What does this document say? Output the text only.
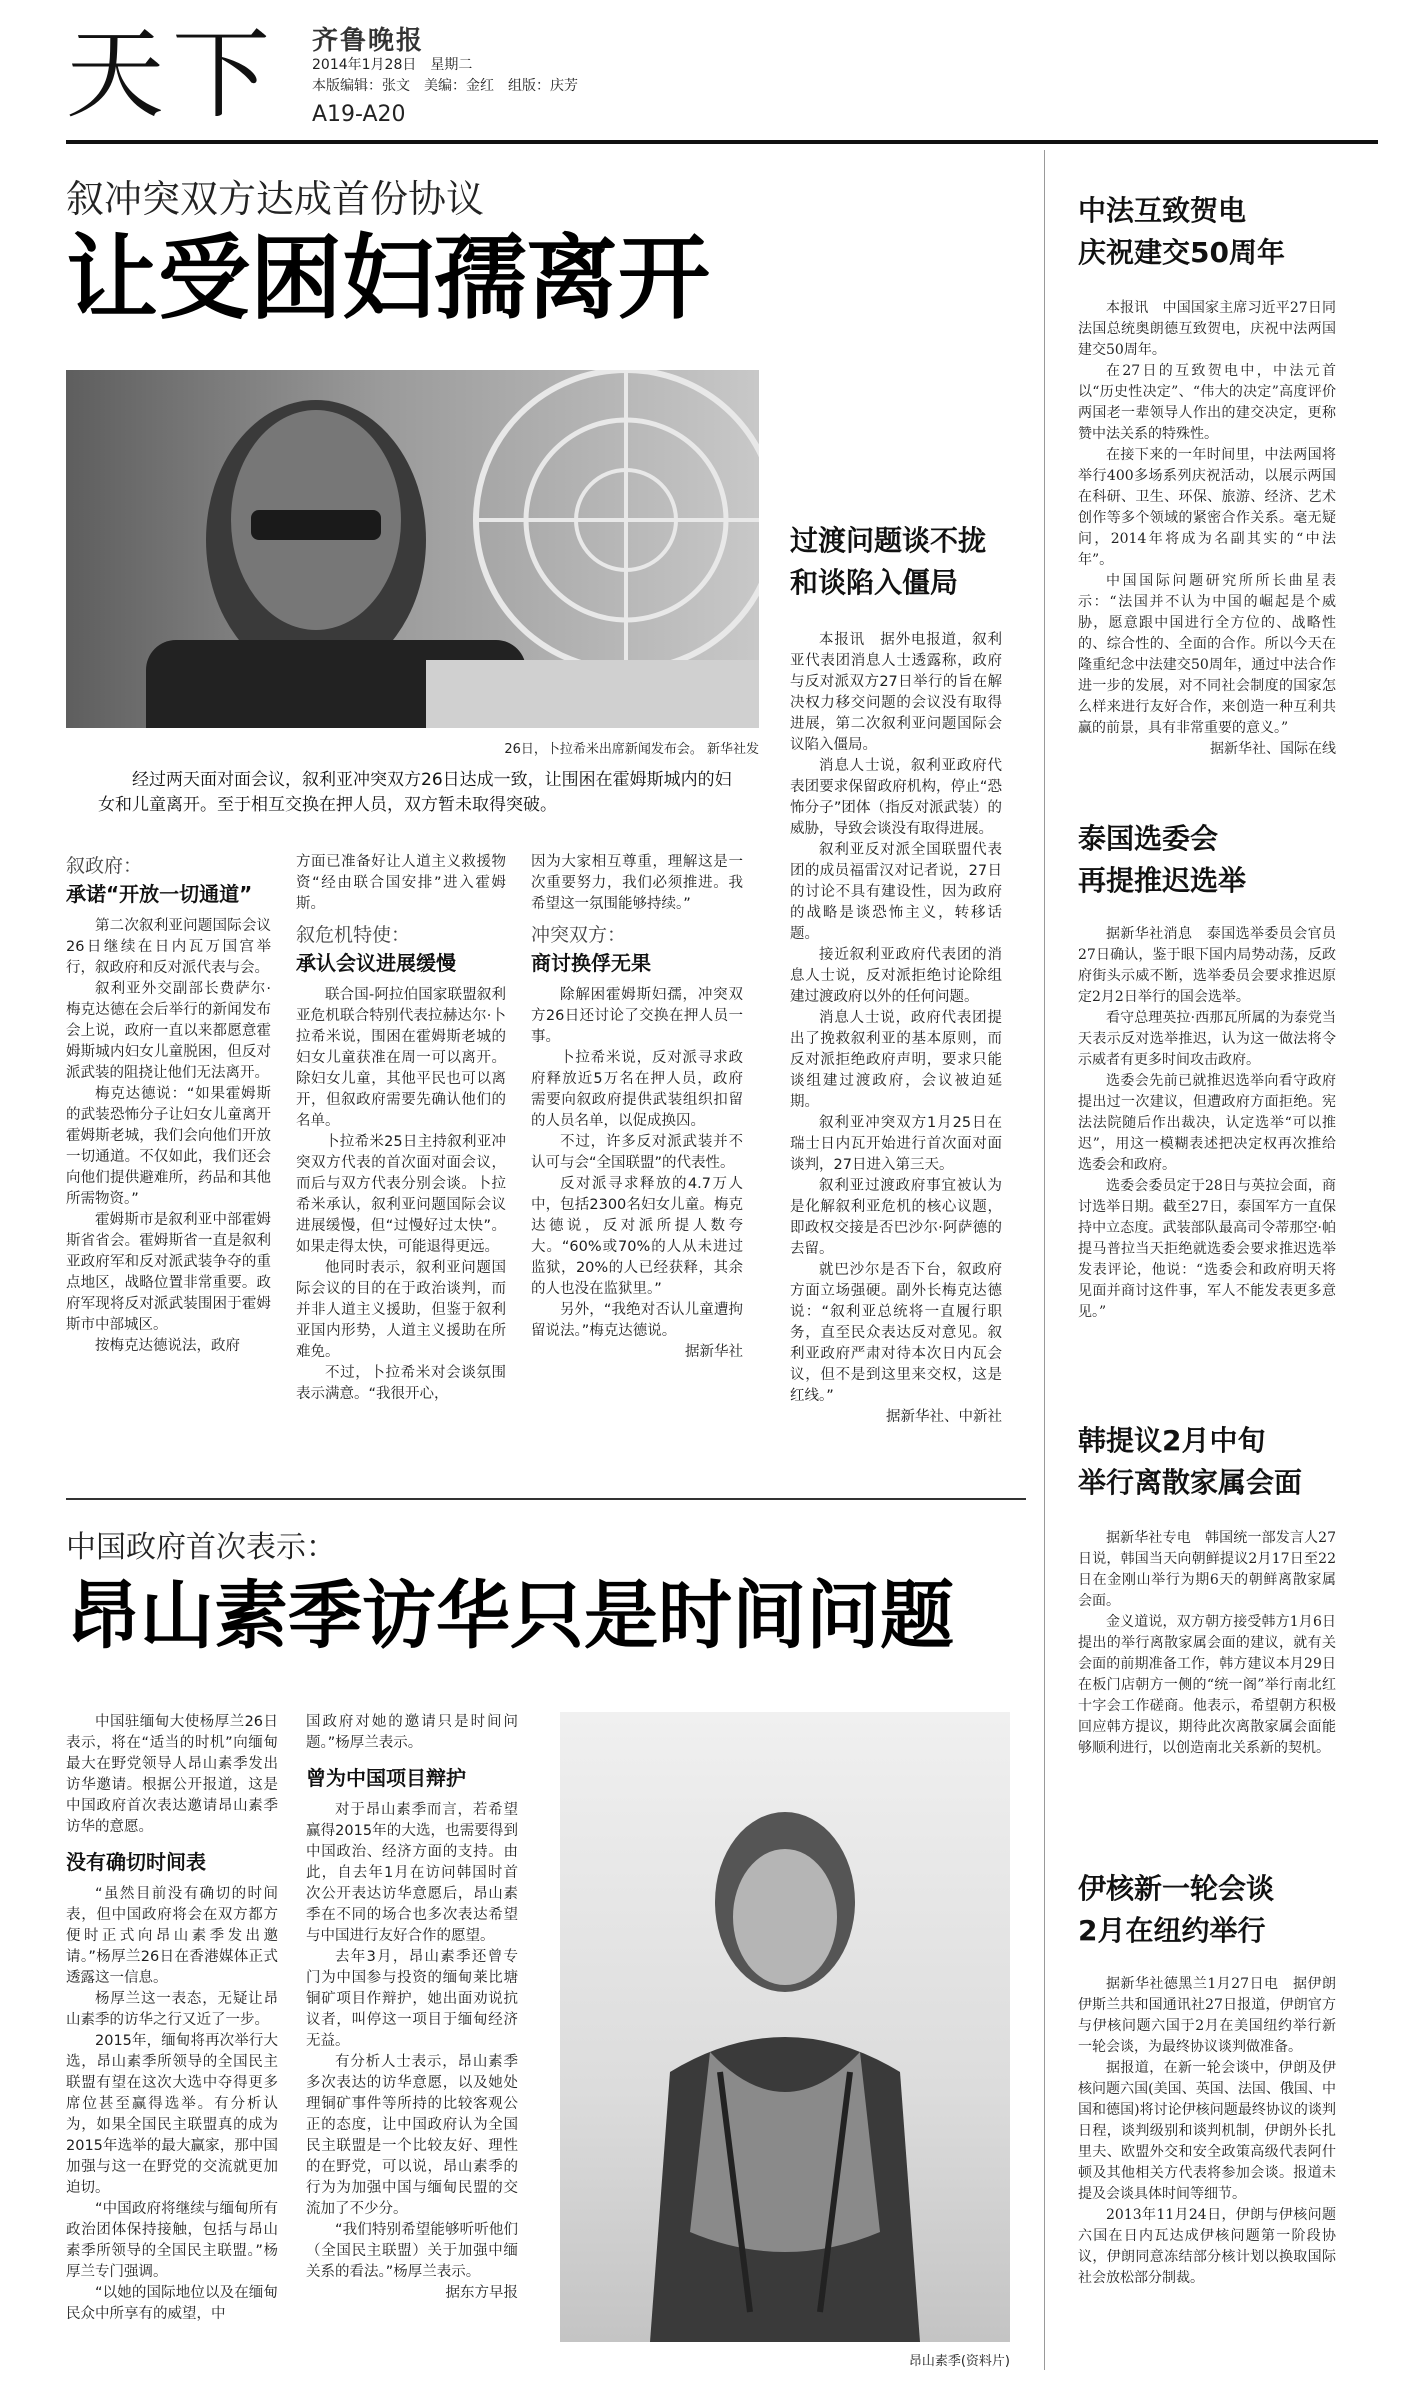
天下 齐鲁晚报
2014年1月28日　 星期二
本版编辑：张文　美编：金红　组版：庆芳
A19-A20
叙冲突双方达成首份协议
让受困妇孺离开
26日，卜拉希米出席新闻发布会。 新华社发
经过两天面对面会议，叙利亚冲突双方26日达成一致，让围困在霍姆斯城内的妇女和儿童离开。至于相互交换在押人员，双方暂未取得突破。
叙政府：
承诺“开放一切通道”

第二次叙利亚问题国际会议26日继续在日内瓦万国宫举行，叙政府和反对派代表与会。

叙利亚外交副部长费萨尔·梅克达德在会后举行的新闻发布会上说，政府一直以来都愿意霍姆斯城内妇女儿童脱困，但反对派武装的阻挠让他们无法离开。

梅克达德说：“如果霍姆斯的武装恐怖分子让妇女儿童离开霍姆斯老城，我们会向他们开放一切通道。不仅如此，我们还会向他们提供避难所，药品和其他所需物资。”

霍姆斯市是叙利亚中部霍姆斯省省会。霍姆斯省一直是叙利亚政府军和反对派武装争夺的重点地区，战略位置非常重要。政府军现将反对派武装围困于霍姆斯市中部城区。

按梅克达德说法，政府

方面已准备好让人道主义救援物资“经由联合国安排”进入霍姆斯。

叙危机特使：
承认会议进展缓慢

联合国-阿拉伯国家联盟叙利亚危机联合特别代表拉赫达尔·卜拉希米说，围困在霍姆斯老城的妇女儿童获准在周一可以离开。除妇女儿童，其他平民也可以离开，但叙政府需要先确认他们的名单。

卜拉希米25日主持叙利亚冲突双方代表的首次面对面会议，而后与双方代表分别会谈。卜拉希米承认，叙利亚问题国际会议进展缓慢，但“过慢好过太快”。如果走得太快，可能退得更远。

他同时表示，叙利亚问题国际会议的目的在于政治谈判，而并非人道主义援助，但鉴于叙利亚国内形势，人道主义援助在所难免。

不过，卜拉希米对会谈氛围表示满意。“我很开心，

因为大家相互尊重，理解这是一次重要努力，我们必须推进。我希望这一氛围能够持续。”

冲突双方：
商讨换俘无果

除解困霍姆斯妇孺，冲突双方26日还讨论了交换在押人员一事。

卜拉希米说，反对派寻求政府释放近5万名在押人员，政府需要向叙政府提供武装组织扣留的人员名单，以促成换囚。

不过，许多反对派武装并不认可与会“全国联盟”的代表性。

反对派寻求释放的4.7万人中，包括2300名妇女儿童。梅克达德说，反对派所提人数夸大。“60%或70%的人从未进过监狱，20%的人已经获释，其余的人也没在监狱里。”

另外，“我绝对否认儿童遭拘留说法。”梅克达德说。

据新华社

过渡问题谈不拢
和谈陷入僵局

本报讯　据外电报道，叙利亚代表团消息人士透露称，政府与反对派双方27日举行的旨在解决权力移交问题的会议没有取得进展，第二次叙利亚问题国际会议陷入僵局。

消息人士说，叙利亚政府代表团要求保留政府机构，停止“恐怖分子”团体（指反对派武装）的威胁，导致会谈没有取得进展。

叙利亚反对派全国联盟代表团的成员福雷汉对记者说，27日的讨论不具有建设性，因为政府的战略是谈恐怖主义，转移话题。

接近叙利亚政府代表团的消息人士说，反对派拒绝讨论除组建过渡政府以外的任何问题。

消息人士说，政府代表团提出了挽救叙利亚的基本原则，而反对派拒绝政府声明，要求只能谈组建过渡政府，会议被迫延期。

叙利亚冲突双方1月25日在瑞士日内瓦开始进行首次面对面谈判，27日进入第三天。

叙利亚过渡政府事宜被认为是化解叙利亚危机的核心议题，即政权交接是否巴沙尔·阿萨德的去留。

就巴沙尔是否下台，叙政府方面立场强硬。副外长梅克达德说：“叙利亚总统将一直履行职务，直至民众表达反对意见。叙利亚政府严肃对待本次日内瓦会议，但不是到这里来交权，这是红线。”

据新华社、中新社

中国政府首次表示：
昂山素季访华只是时间问题

中国驻缅甸大使杨厚兰26日表示，将在“适当的时机”向缅甸最大在野党领导人昂山素季发出访华邀请。根据公开报道，这是中国政府首次表达邀请昂山素季访华的意愿。

没有确切时间表

“虽然目前没有确切的时间表，但中国政府将会在双方都方便时正式向昂山素季发出邀请。”杨厚兰26日在香港媒体正式透露这一信息。

杨厚兰这一表态，无疑让昂山素季的访华之行又近了一步。

2015年，缅甸将再次举行大选，昂山素季所领导的全国民主联盟有望在这次大选中夺得更多席位甚至赢得选举。有分析认为，如果全国民主联盟真的成为2015年选举的最大赢家，那中国加强与这一在野党的交流就更加迫切。

“中国政府将继续与缅甸所有政治团体保持接触，包括与昂山素季所领导的全国民主联盟。”杨厚兰专门强调。

“以她的国际地位以及在缅甸民众中所享有的威望，中

国政府对她的邀请只是时间问题。”杨厚兰表示。

曾为中国项目辩护

对于昂山素季而言，若希望赢得2015年的大选，也需要得到中国政治、经济方面的支持。由此，自去年1月在访问韩国时首次公开表达访华意愿后，昂山素季在不同的场合也多次表达希望与中国进行友好合作的愿望。

去年3月，昂山素季还曾专门为中国参与投资的缅甸莱比塘铜矿项目作辩护，她出面劝说抗议者，叫停这一项目于缅甸经济无益。

有分析人士表示，昂山素季多次表达的访华意愿，以及她处理铜矿事件等所持的比较客观公正的态度，让中国政府认为全国民主联盟是一个比较友好、理性的在野党，可以说，昂山素季的行为为加强中国与缅甸民盟的交流加了不少分。

“我们特别希望能够听听他们（全国民主联盟）关于加强中缅关系的看法。”杨厚兰表示。

据东方早报

昂山素季(资料片)
中法互致贺电
庆祝建交50周年

本报讯　中国国家主席习近平27日同法国总统奥朗德互致贺电，庆祝中法两国建交50周年。

在27日的互致贺电中，中法元首以“历史性决定”、“伟大的决定”高度评价两国老一辈领导人作出的建交决定，更称赞中法关系的特殊性。

在接下来的一年时间里，中法两国将举行400多场系列庆祝活动，以展示两国在科研、卫生、环保、旅游、经济、艺术创作等多个领域的紧密合作关系。毫无疑问，2014年将成为名副其实的“中法年”。

中国国际问题研究所所长曲星表示：“法国并不认为中国的崛起是个威胁，愿意跟中国进行全方位的、战略性的、综合性的、全面的合作。所以今天在隆重纪念中法建交50周年，通过中法合作进一步的发展，对不同社会制度的国家怎么样来进行友好合作，来创造一种互利共赢的前景，具有非常重要的意义。”

据新华社、国际在线

泰国选委会
再提推迟选举

据新华社消息　泰国选举委员会官员27日确认，鉴于眼下国内局势动荡，反政府街头示威不断，选举委员会要求推迟原定2月2日举行的国会选举。

看守总理英拉·西那瓦所属的为泰党当天表示反对选举推迟，认为这一做法将令示威者有更多时间攻击政府。

选委会先前已就推迟选举向看守政府提出过一次建议，但遭政府方面拒绝。宪法法院随后作出裁决，认定选举“可以推迟”，用这一模糊表述把决定权再次推给选委会和政府。

选委会委员定于28日与英拉会面，商讨选举日期。截至27日，泰国军方一直保持中立态度。武装部队最高司令蒂那空·帕提马普拉当天拒绝就选委会要求推迟选举发表评论，他说：“选委会和政府明天将见面并商讨这件事，军人不能发表更多意见。”

韩提议2月中旬
举行离散家属会面

据新华社专电　韩国统一部发言人27日说，韩国当天向朝鲜提议2月17日至22日在金刚山举行为期6天的朝鲜离散家属会面。

金义道说，双方朝方接受韩方1月6日提出的举行离散家属会面的建议，就有关会面的前期准备工作，韩方建议本月29日在板门店朝方一侧的“统一阁”举行南北红十字会工作磋商。他表示，希望朝方积极回应韩方提议，期待此次离散家属会面能够顺利进行，以创造南北关系新的契机。

伊核新一轮会谈
2月在纽约举行

据新华社德黑兰1月27日电　据伊朗伊斯兰共和国通讯社27日报道，伊朗官方与伊核问题六国于2月在美国纽约举行新一轮会谈，为最终协议谈判做准备。

据报道，在新一轮会谈中，伊朗及伊核问题六国(美国、英国、法国、俄国、中国和德国)将讨论伊核问题最终协议的谈判日程，谈判级别和谈判机制，伊朗外长扎里夫、欧盟外交和安全政策高级代表阿什顿及其他相关方代表将参加会谈。报道未提及会谈具体时间等细节。

2013年11月24日，伊朗与伊核问题六国在日内瓦达成伊核问题第一阶段协议，伊朗同意冻结部分核计划以换取国际社会放松部分制裁。
